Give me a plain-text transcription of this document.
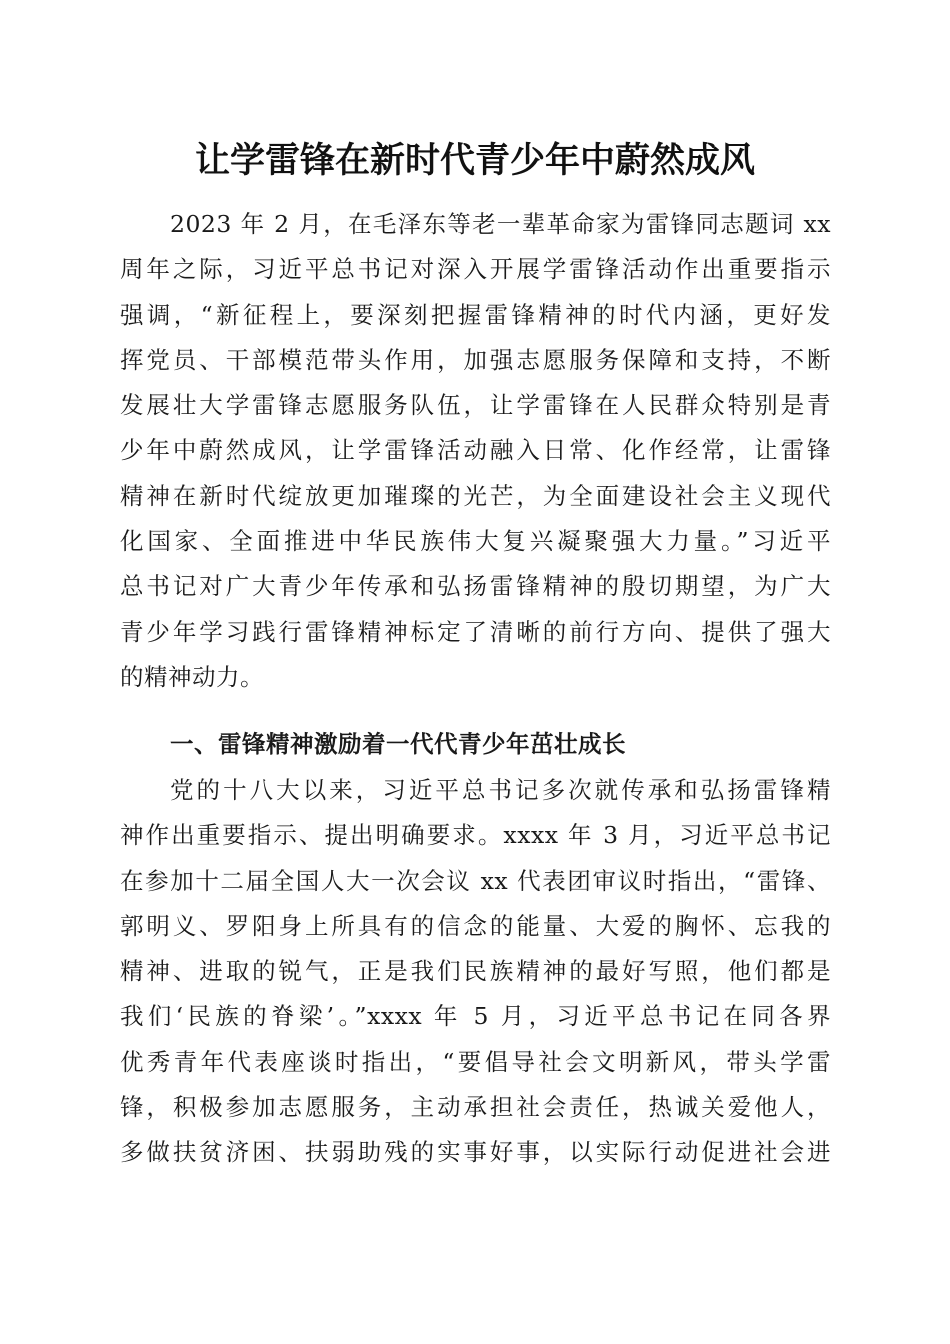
让学雷锋在新时代青少年中蔚然成风
2023 年 2 月，在毛泽东等老一辈革命家为雷锋同志题词 xx
周年之际，习近平总书记对深入开展学雷锋活动作出重要指示
强调，“新征程上，要深刻把握雷锋精神的时代内涵，更好发
挥党员、干部模范带头作用，加强志愿服务保障和支持，不断
发展壮大学雷锋志愿服务队伍，让学雷锋在人民群众特别是青
少年中蔚然成风，让学雷锋活动融入日常、化作经常，让雷锋
精神在新时代绽放更加璀璨的光芒，为全面建设社会主义现代
化国家、全面推进中华民族伟大复兴凝聚强大力量。”习近平
总书记对广大青少年传承和弘扬雷锋精神的殷切期望，为广大
青少年学习践行雷锋精神标定了清晰的前行方向、提供了强大
的精神动力。
一、雷锋精神激励着一代代青少年茁壮成长
党的十八大以来，习近平总书记多次就传承和弘扬雷锋精
神作出重要指示、提出明确要求。xxxx 年 3 月，习近平总书记
在参加十二届全国人大一次会议 xx 代表团审议时指出，“雷锋、
郭明义、罗阳身上所具有的信念的能量、大爱的胸怀、忘我的
精神、进取的锐气，正是我们民族精神的最好写照，他们都是
我们‘民族的脊梁’。”xxxx 年 5 月，习近平总书记在同各界
优秀青年代表座谈时指出，“要倡导社会文明新风，带头学雷
锋，积极参加志愿服务，主动承担社会责任，热诚关爱他人，
多做扶贫济困、扶弱助残的实事好事，以实际行动促进社会进
